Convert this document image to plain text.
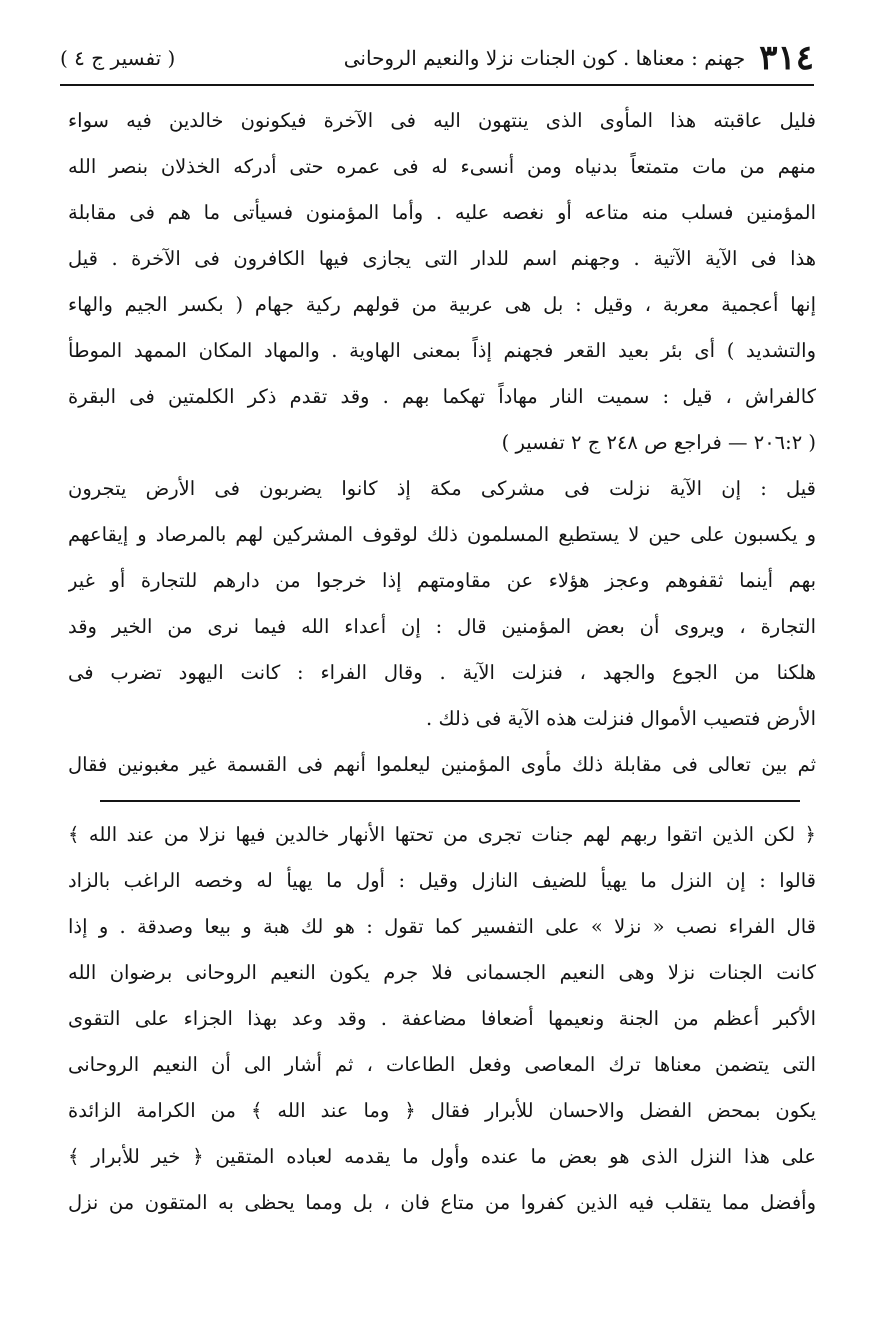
٣١٤
جهنم : معناها . كون الجنات نزلا والنعيم الروحانى
( تفسير ج ٤ )
فليل عاقبته هذا المأوى الذى ينتهون اليه فى الآخرة فيكونون خالدين فيه سواء
منهم من مات متمتعاً بدنياه ومن أنسىء له فى عمره حتى أدركه الخذلان بنصر الله
المؤمنين فسلب منه متاعه أو نغصه عليه . وأما المؤمنون فسيأتى ما هم فى مقابلة
هذا فى الآية الآتية . وجهنم اسم للدار التى يجازى فيها الكافرون فى الآخرة . قيل
إنها أعجمية معربة ، وقيل : بل هى عربية من قولهم ركية جهام ( بكسر الجيم والهاء
والتشديد ) أى بئر بعيد القعر فجهنم إذاً بمعنى الهاوية . والمهاد المكان الممهد الموطأ
كالفراش ، قيل : سميت النار مهاداً تهكما بهم . وقد تقدم ذكر الكلمتين فى البقرة
( ٢٠٦:٢ — فراجع ص ٢٤٨ ج ٢ تفسير )
قيل : إن الآية نزلت فى مشركى مكة إذ كانوا يضربون فى الأرض يتجرون
و يكسبون على حين لا يستطيع المسلمون ذلك لوقوف المشركين لهم بالمرصاد و إيقاعهم
بهم أينما ثقفوهم وعجز هؤلاء عن مقاومتهم إذا خرجوا من دارهم للتجارة أو غير
التجارة ، ويروى أن بعض المؤمنين قال : إن أعداء الله فيما نرى من الخير وقد
هلكنا من الجوع والجهد ، فنزلت الآية . وقال الفراء : كانت اليهود تضرب فى
الأرض فتصيب الأموال فنزلت هذه الآية فى ذلك .
ثم بين تعالى فى مقابلة ذلك مأوى المؤمنين ليعلموا أنهم فى القسمة غير مغبونين فقال
﴿ لكن الذين اتقوا ربهم لهم جنات تجرى من تحتها الأنهار خالدين فيها نزلا من عند الله ﴾
قالوا : إن النزل ما يهيأ للضيف النازل وقيل : أول ما يهيأ له وخصه الراغب بالزاد
قال الفراء نصب « نزلا » على التفسير كما تقول : هو لك هبة و بيعا وصدقة . و إذا
كانت الجنات نزلا وهى النعيم الجسمانى فلا جرم يكون النعيم الروحانى برضوان الله
الأكبر أعظم من الجنة ونعيمها أضعافا مضاعفة . وقد وعد بهذا الجزاء على التقوى
التى يتضمن معناها ترك المعاصى وفعل الطاعات ، ثم أشار الى أن النعيم الروحانى
يكون بمحض الفضل والاحسان للأبرار فقال ﴿ وما عند الله ﴾ من الكرامة الزائدة
على هذا النزل الذى هو بعض ما عنده وأول ما يقدمه لعباده المتقين ﴿ خير للأبرار ﴾
وأفضل مما يتقلب فيه الذين كفروا من متاع فان ، بل ومما يحظى به المتقون من نزل
